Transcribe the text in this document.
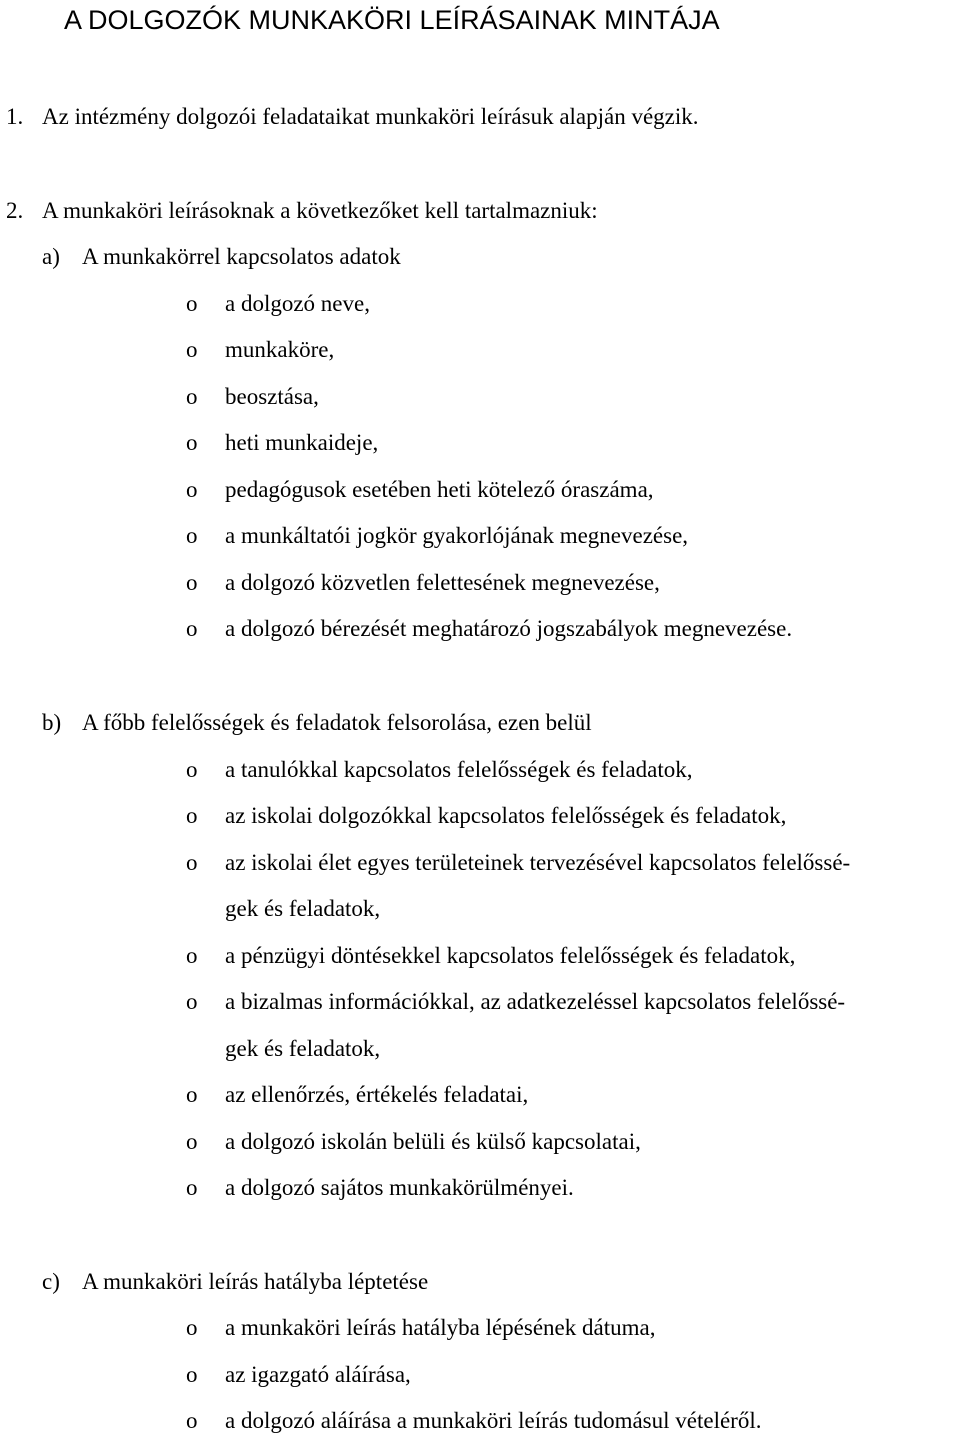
A DOLGOZÓK MUNKAKÖRI LEÍRÁSAINAK MINTÁJA
1. Az intézmény dolgozói feladataikat munkaköri leírásuk alapján végzik.
2. A munkaköri leírásoknak a következőket kell tartalmazniuk:
a) A munkakörrel kapcsolatos adatok
o a dolgozó neve,
o munkaköre,
o beosztása,
o heti munkaideje,
o pedagógusok esetében heti kötelező óraszáma,
o a munkáltatói jogkör gyakorlójának megnevezése,
o a dolgozó közvetlen felettesének megnevezése,
o a dolgozó bérezését meghatározó jogszabályok megnevezése.
b) A főbb felelősségek és feladatok felsorolása, ezen belül
o a tanulókkal kapcsolatos felelősségek és feladatok,
o az iskolai dolgozókkal kapcsolatos felelősségek és feladatok,
o az iskolai élet egyes területeinek tervezésével kapcsolatos felelőssé-
gek és feladatok,
o a pénzügyi döntésekkel kapcsolatos felelősségek és feladatok,
o a bizalmas információkkal, az adatkezeléssel kapcsolatos felelőssé-
gek és feladatok,
o az ellenőrzés, értékelés feladatai,
o a dolgozó iskolán belüli és külső kapcsolatai,
o a dolgozó sajátos munkakörülményei.
c) A munkaköri leírás hatályba léptetése
o a munkaköri leírás hatályba lépésének dátuma,
o az igazgató aláírása,
o a dolgozó aláírása a munkaköri leírás tudomásul vételéről.
